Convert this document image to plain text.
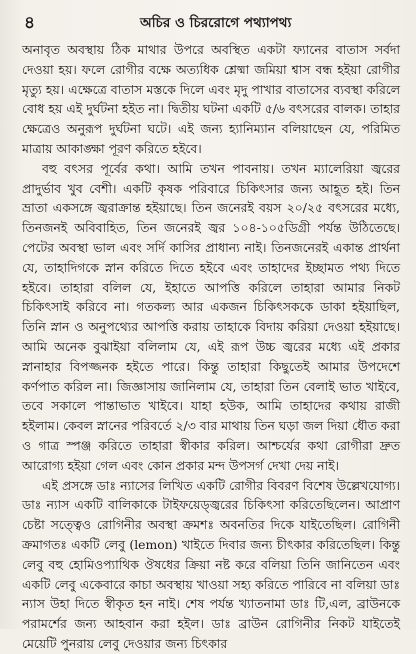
৪	অচির ও চিররোগে পথ্যাপথ্য

অনাবৃত অবস্থায় ঠিক মাথার উপরে অবস্থিত একটা ফ্যানের বাতাস সর্বদা দেওয়া হয়। ফলে রোগীর বক্ষে অত্যধিক শ্লেষ্মা জমিয়া শ্বাস বন্ধ হইয়া রোগীর মৃত্যু হয়। এক্ষেত্রে বাতাস মস্তকে দিলে এবং মৃদু পাখার বাতাসের ব্যবস্থা করিলে বোধ হয় এই দুর্ঘটনা হইত না। দ্বিতীয় ঘটনা একটি ৫/৬ বৎসরের বালক। তাহার ক্ষেত্রেও অনুরূপ দুর্ঘটনা ঘটে। এই জন্য হ্যানিম্যান বলিয়াছেন যে, পরিমিত মাত্রায় আকাঙ্ক্ষা পূরণ করিতে হইবে।

বহু বৎসর পূর্বের কথা। আমি তখন পাবনায়। তখন ম্যালেরিয়া জ্বরের প্রাদুর্ভাব খুব বেশী। একটি কৃষক পরিবারে চিকিৎসার জন্য আহূত হই। তিন ভ্রাতা একসঙ্গে জ্বরাক্রান্ত হইয়াছে। তিন জনেরই বয়স ২০/২৫ বৎসরের মধ্যে, তিনজনই অবিবাহিত, তিন জনেরই জ্বর ১০৪-১০৫ডিগ্রী পর্যন্ত উঠিতেছে। পেটের অবস্থা ভাল এবং সর্দি কাসির প্রাধান্য নাই। তিনজনেরই একান্ত প্রার্থনা যে, তাহাদিগকে স্নান করিতে দিতে হইবে এবং তাহাদের ইচ্ছামত পথ্য দিতে হইবে। তাহারা বলিল যে, ইহাতে আপত্তি করিলে তাহারা আমার নিকট চিকিৎসাই করিবে না। গতকল্য আর একজন চিকিৎসককে ডাকা হইয়াছিল, তিনি স্নান ও অনুপথ্যের আপত্তি করায় তাহাকে বিদায় করিয়া দেওয়া হইয়াছে। আমি অনেক বুঝাইয়া বলিলাম যে, এই রূপ উচ্চ জ্বরের মধ্যে এই প্রকার স্নানাহার বিপজ্জনক হইতে পারে। কিন্তু তাহারা কিছুতেই আমার উপদেশে কর্ণপাত করিল না। জিজ্ঞাসায় জানিলাম যে, তাহারা তিন বেলাই ভাত খাইবে, তবে সকালে পান্তাভাত খাইবে। যাহা হউক, আমি তাহাদের কথায় রাজী হইলাম। কেবল স্নানের পরিবর্তে ২/৩ বার মাথায় তিন ঘড়া জল দিয়া ধৌত করা ও গাত্র স্পঞ্জ করিতে তাহারা স্বীকার করিল। আশ্চর্যের কথা রোগীরা দ্রুত আরোগ্য হইয়া গেল এবং কোন প্রকার মন্দ উপসর্গ দেখা দেয় নাই।

এই প্রসঙ্গে ডাঃ ন্যাসের লিখিত একটি রোগীর বিবরণ বিশেষ উল্লেখযোগ্য। ডাঃ ন্যাস একটি বালিকাকে টাইফয়েড্জ্বরের চিকিৎসা করিতেছিলেন। আপ্রাণ চেষ্টা সত্ত্বেও রোগিনীর অবস্থা ক্রমশঃ অবনতির দিকে যাইতেছিল। রোগিনী ক্রমাগতঃ একটি লেবু (lemon) খাইতে দিবার জন্য চীৎকার করিতেছিল। কিন্তু লেবু বহু হোমিওপ্যাথিক ঔষধের ক্রিয়া নষ্ট করে বলিয়া তিনি জানিতেন এবং একটি লেবু একেবারে কাচা অবস্থায় খাওয়া সহ্য করিতে পারিবে না বলিয়া ডাঃ ন্যাস উহা দিতে স্বীকৃত হন নাই। শেষ পর্যন্ত খ্যাতনামা ডাঃ টি,এল, ব্রাউনকে পরামর্শের জন্য আহবান করা হইল। ডাঃ ব্রাউন রোগিনীর নিকট যাইতেই মেয়েটি পুনরায় লেবু দেওয়ার জন্য চিৎকার
